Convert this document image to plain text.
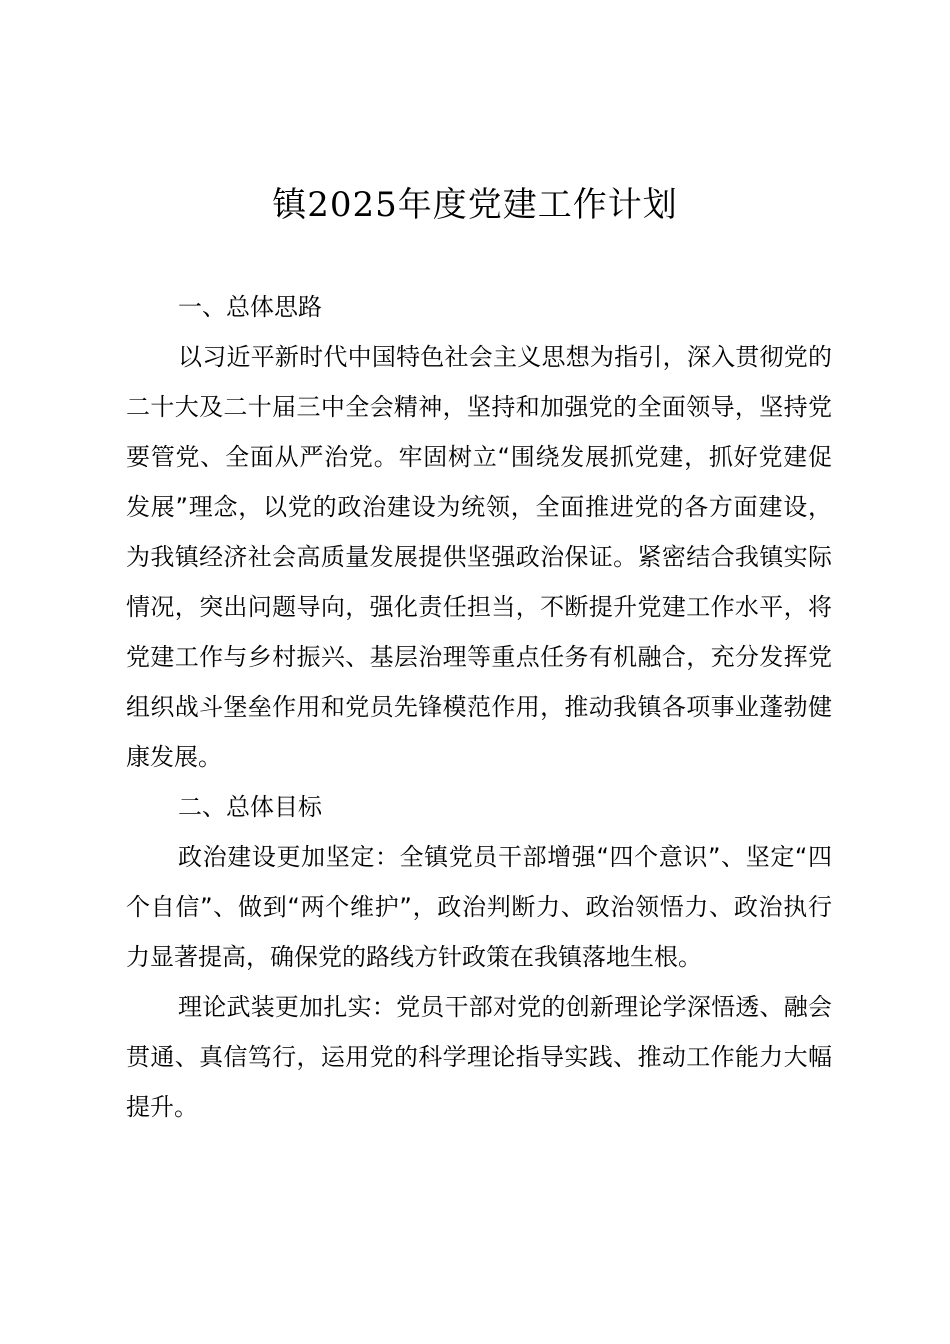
镇2025年度党建工作计划
一、总体思路

以习近平新时代中国特色社会主义思想为指引，深入贯彻党的二十大及二十届三中全会精神，坚持和加强党的全面领导，坚持党要管党、全面从严治党。牢固树立“围绕发展抓党建，抓好党建促发展”理念，以党的政治建设为统领，全面推进党的各方面建设，为我镇经济社会高质量发展提供坚强政治保证。紧密结合我镇实际情况，突出问题导向，强化责任担当，不断提升党建工作水平，将党建工作与乡村振兴、基层治理等重点任务有机融合，充分发挥党组织战斗堡垒作用和党员先锋模范作用，推动我镇各项事业蓬勃健康发展。

二、总体目标

政治建设更加坚定：全镇党员干部增强“四个意识”、坚定“四个自信”、做到“两个维护”，政治判断力、政治领悟力、政治执行力显著提高，确保党的路线方针政策在我镇落地生根。

理论武装更加扎实：党员干部对党的创新理论学深悟透、融会贯通、真信笃行，运用党的科学理论指导实践、推动工作能力大幅提升。
